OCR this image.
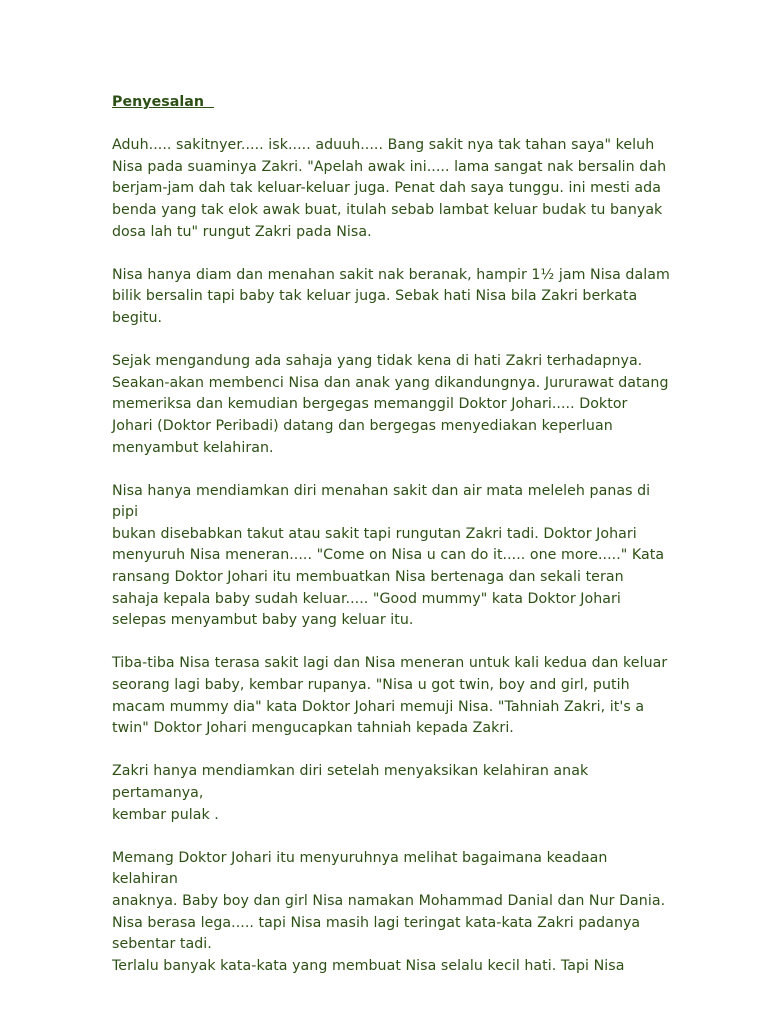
Penyesalan
Aduh..... sakitnyer..... isk..... aduuh..... Bang sakit nya tak tahan saya" keluh
Nisa pada suaminya Zakri. "Apelah awak ini..... lama sangat nak bersalin dah
berjam-jam dah tak keluar-keluar juga. Penat dah saya tunggu. ini mesti ada
benda yang tak elok awak buat, itulah sebab lambat keluar budak tu banyak
dosa lah tu" rungut Zakri pada Nisa.
Nisa hanya diam dan menahan sakit nak beranak, hampir 1½ jam Nisa dalam
bilik bersalin tapi baby tak keluar juga. Sebak hati Nisa bila Zakri berkata
begitu.
Sejak mengandung ada sahaja yang tidak kena di hati Zakri terhadapnya.
Seakan-akan membenci Nisa dan anak yang dikandungnya. Jururawat datang
memeriksa dan kemudian bergegas memanggil Doktor Johari..... Doktor
Johari (Doktor Peribadi) datang dan bergegas menyediakan keperluan
menyambut kelahiran.
Nisa hanya mendiamkan diri menahan sakit dan air mata meleleh panas di pipi
bukan disebabkan takut atau sakit tapi rungutan Zakri tadi. Doktor Johari
menyuruh Nisa meneran..... "Come on Nisa u can do it..... one more....." Kata
ransang Doktor Johari itu membuatkan Nisa bertenaga dan sekali teran
sahaja kepala baby sudah keluar..... "Good mummy" kata Doktor Johari
selepas menyambut baby yang keluar itu.
Tiba-tiba Nisa terasa sakit lagi dan Nisa meneran untuk kali kedua dan keluar
seorang lagi baby, kembar rupanya. "Nisa u got twin, boy and girl, putih
macam mummy dia" kata Doktor Johari memuji Nisa. "Tahniah Zakri, it's a
twin" Doktor Johari mengucapkan tahniah kepada Zakri.
Zakri hanya mendiamkan diri setelah menyaksikan kelahiran anak pertamanya,
kembar pulak .
Memang Doktor Johari itu menyuruhnya melihat bagaimana keadaan kelahiran
anaknya. Baby boy dan girl Nisa namakan Mohammad Danial dan Nur Dania.
Nisa berasa lega..... tapi Nisa masih lagi teringat kata-kata Zakri padanya
sebentar tadi.
Terlalu banyak kata-kata yang membuat Nisa selalu kecil hati. Tapi Nisa
